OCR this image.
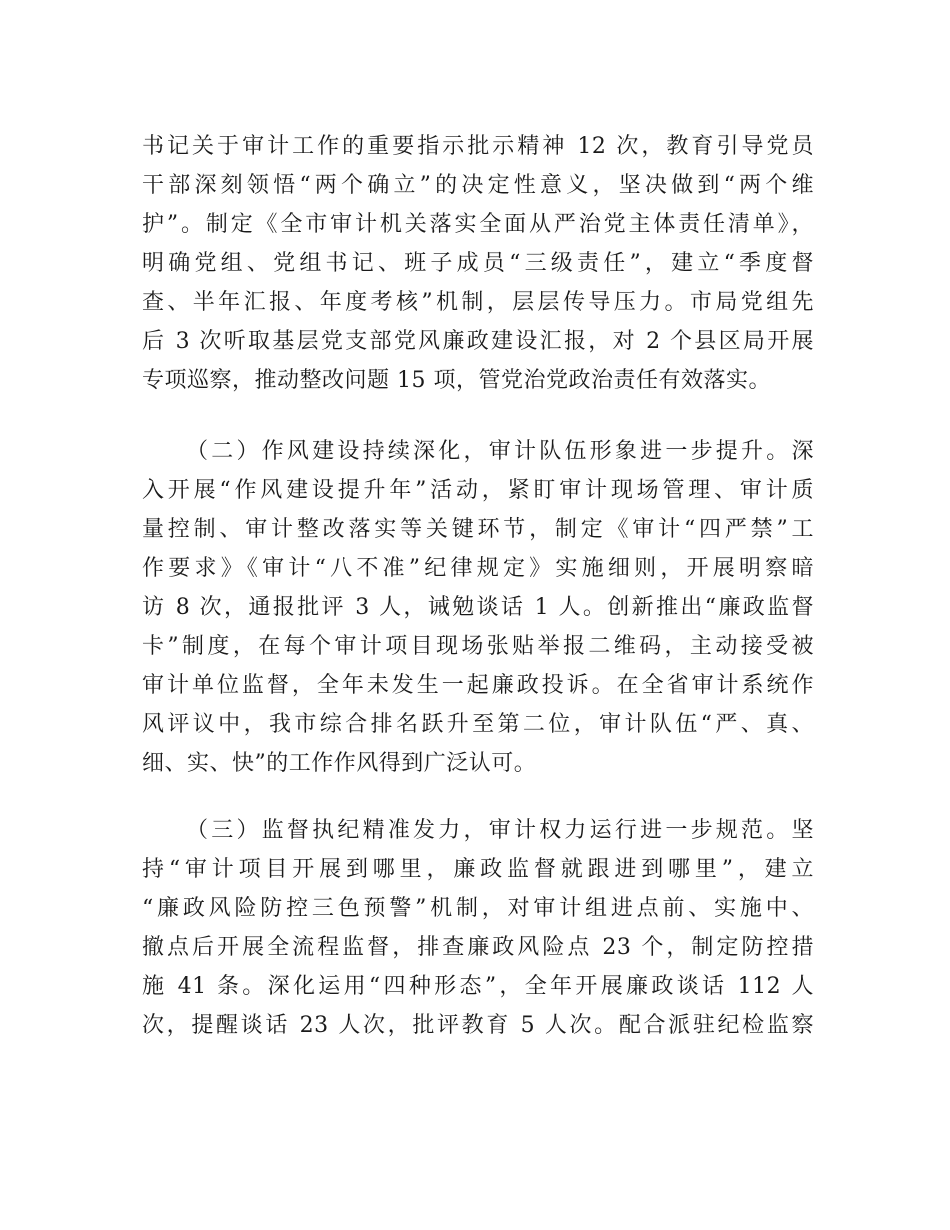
书记关于审计工作的重要指示批示精神 12 次，教育引导党员
干部深刻领悟“两个确立”的决定性意义，坚决做到“两个维
护”。制定《全市审计机关落实全面从严治党主体责任清单》，
明确党组、党组书记、班子成员“三级责任”，建立“季度督
查、半年汇报、年度考核”机制，层层传导压力。市局党组先
后 3 次听取基层党支部党风廉政建设汇报，对 2 个县区局开展
专项巡察，推动整改问题 15 项，管党治党政治责任有效落实。
（二）作风建设持续深化，审计队伍形象进一步提升。深
入开展“作风建设提升年”活动，紧盯审计现场管理、审计质
量控制、审计整改落实等关键环节，制定《审计“四严禁”工
作要求》《审计“八不准”纪律规定》实施细则，开展明察暗
访 8 次，通报批评 3 人，诫勉谈话 1 人。创新推出“廉政监督
卡”制度，在每个审计项目现场张贴举报二维码，主动接受被
审计单位监督，全年未发生一起廉政投诉。在全省审计系统作
风评议中，我市综合排名跃升至第二位，审计队伍“严、真、
细、实、快”的工作作风得到广泛认可。
（三）监督执纪精准发力，审计权力运行进一步规范。坚
持“审计项目开展到哪里，廉政监督就跟进到哪里”，建立
“廉政风险防控三色预警”机制，对审计组进点前、实施中、
撤点后开展全流程监督，排查廉政风险点 23 个，制定防控措
施 41 条。深化运用“四种形态”，全年开展廉政谈话 112 人
次，提醒谈话 23 人次，批评教育 5 人次。配合派驻纪检监察
